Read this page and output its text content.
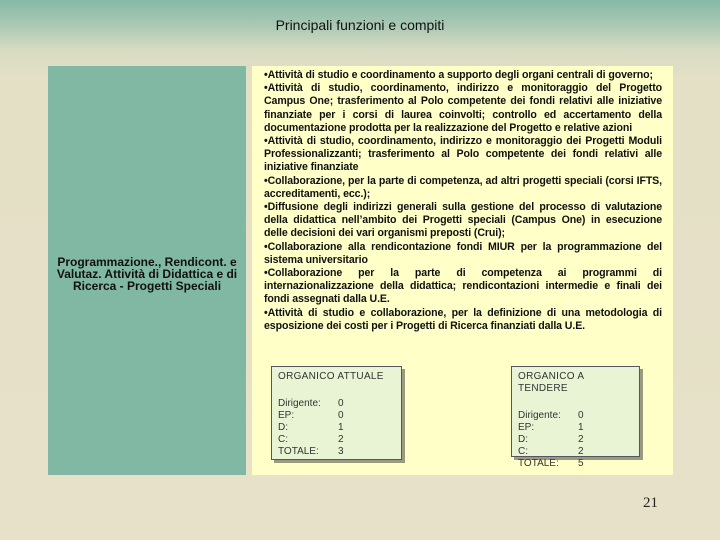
Principali funzioni e compiti
Programmazione., Rendicont. e Valutaz. Attività di Didattica e di Ricerca - Progetti Speciali
•Attività di studio e coordinamento a supporto degli organi centrali di governo;
•Attività di studio, coordinamento, indirizzo e monitoraggio del Progetto Campus One; trasferimento al Polo competente dei fondi relativi alle iniziative finanziate per i corsi di laurea coinvolti; controllo ed accertamento della documentazione prodotta per la realizzazione del Progetto e relative azioni
•Attività di studio, coordinamento, indirizzo e monitoraggio dei Progetti Moduli Professionalizzanti; trasferimento al Polo competente dei fondi relativi alle iniziative finanziate
•Collaborazione, per la parte di competenza, ad altri progetti speciali (corsi IFTS, accreditamenti, ecc.);
•Diffusione degli indirizzi generali sulla gestione del processo di valutazione della didattica nell’ambito dei Progetti speciali (Campus One) in esecuzione delle decisioni dei vari organismi preposti (Crui);
•Collaborazione alla rendicontazione fondi MIUR per la programmazione del sistema universitario
•Collaborazione per la parte di competenza ai programmi di internazionalizzazione della didattica; rendicontazioni intermedie e finali dei fondi assegnati dalla U.E.
•Attività di studio e collaborazione, per la definizione di una metodologia di esposizione dei costi per i Progetti di Ricerca finanziati dalla U.E.
ORGANICO ATTUALE
Dirigente:	0
EP:	0
D:	1
C:	2
TOTALE:	3
ORGANICO A TENDERE
Dirigente:	0
EP:	1
D:	2
C:	2
TOTALE:	5
21
